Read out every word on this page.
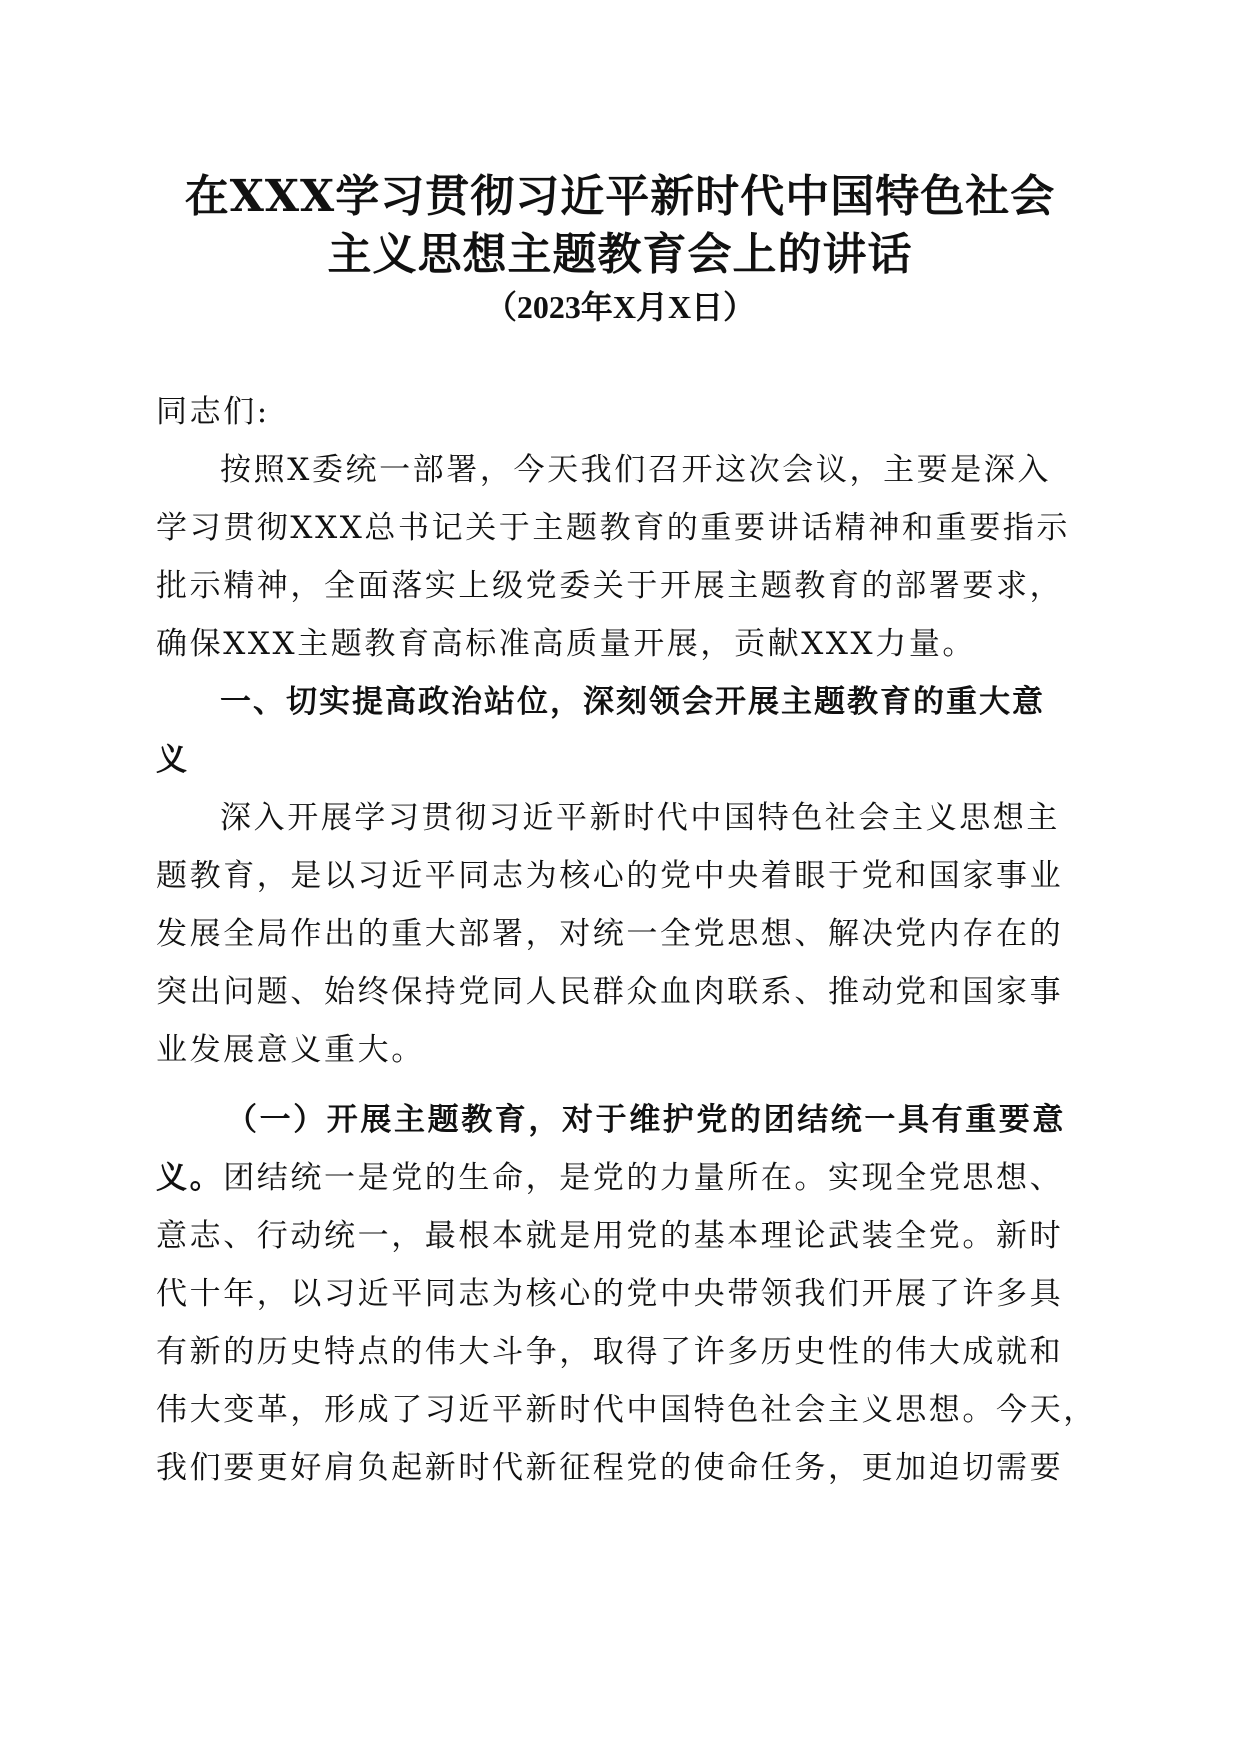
在XXX学习贯彻习近平新时代中国特色社会
主义思想主题教育会上的讲话
（2023年X月X日）
同志们:
按照X委统一部署，今天我们召开这次会议，主要是深入
学习贯彻XXX总书记关于主题教育的重要讲话精神和重要指示
批示精神，全面落实上级党委关于开展主题教育的部署要求，
确保XXX主题教育高标准高质量开展，贡献XXX力量。
一、切实提高政治站位，深刻领会开展主题教育的重大意
义
深入开展学习贯彻习近平新时代中国特色社会主义思想主
题教育，是以习近平同志为核心的党中央着眼于党和国家事业
发展全局作出的重大部署，对统一全党思想、解决党内存在的
突出问题、始终保持党同人民群众血肉联系、推动党和国家事
业发展意义重大。
（一）开展主题教育，对于维护党的团结统一具有重要意
义。团结统一是党的生命，是党的力量所在。实现全党思想、
意志、行动统一，最根本就是用党的基本理论武装全党。新时
代十年，以习近平同志为核心的党中央带领我们开展了许多具
有新的历史特点的伟大斗争，取得了许多历史性的伟大成就和
伟大变革，形成了习近平新时代中国特色社会主义思想。今天，
我们要更好肩负起新时代新征程党的使命任务，更加迫切需要
